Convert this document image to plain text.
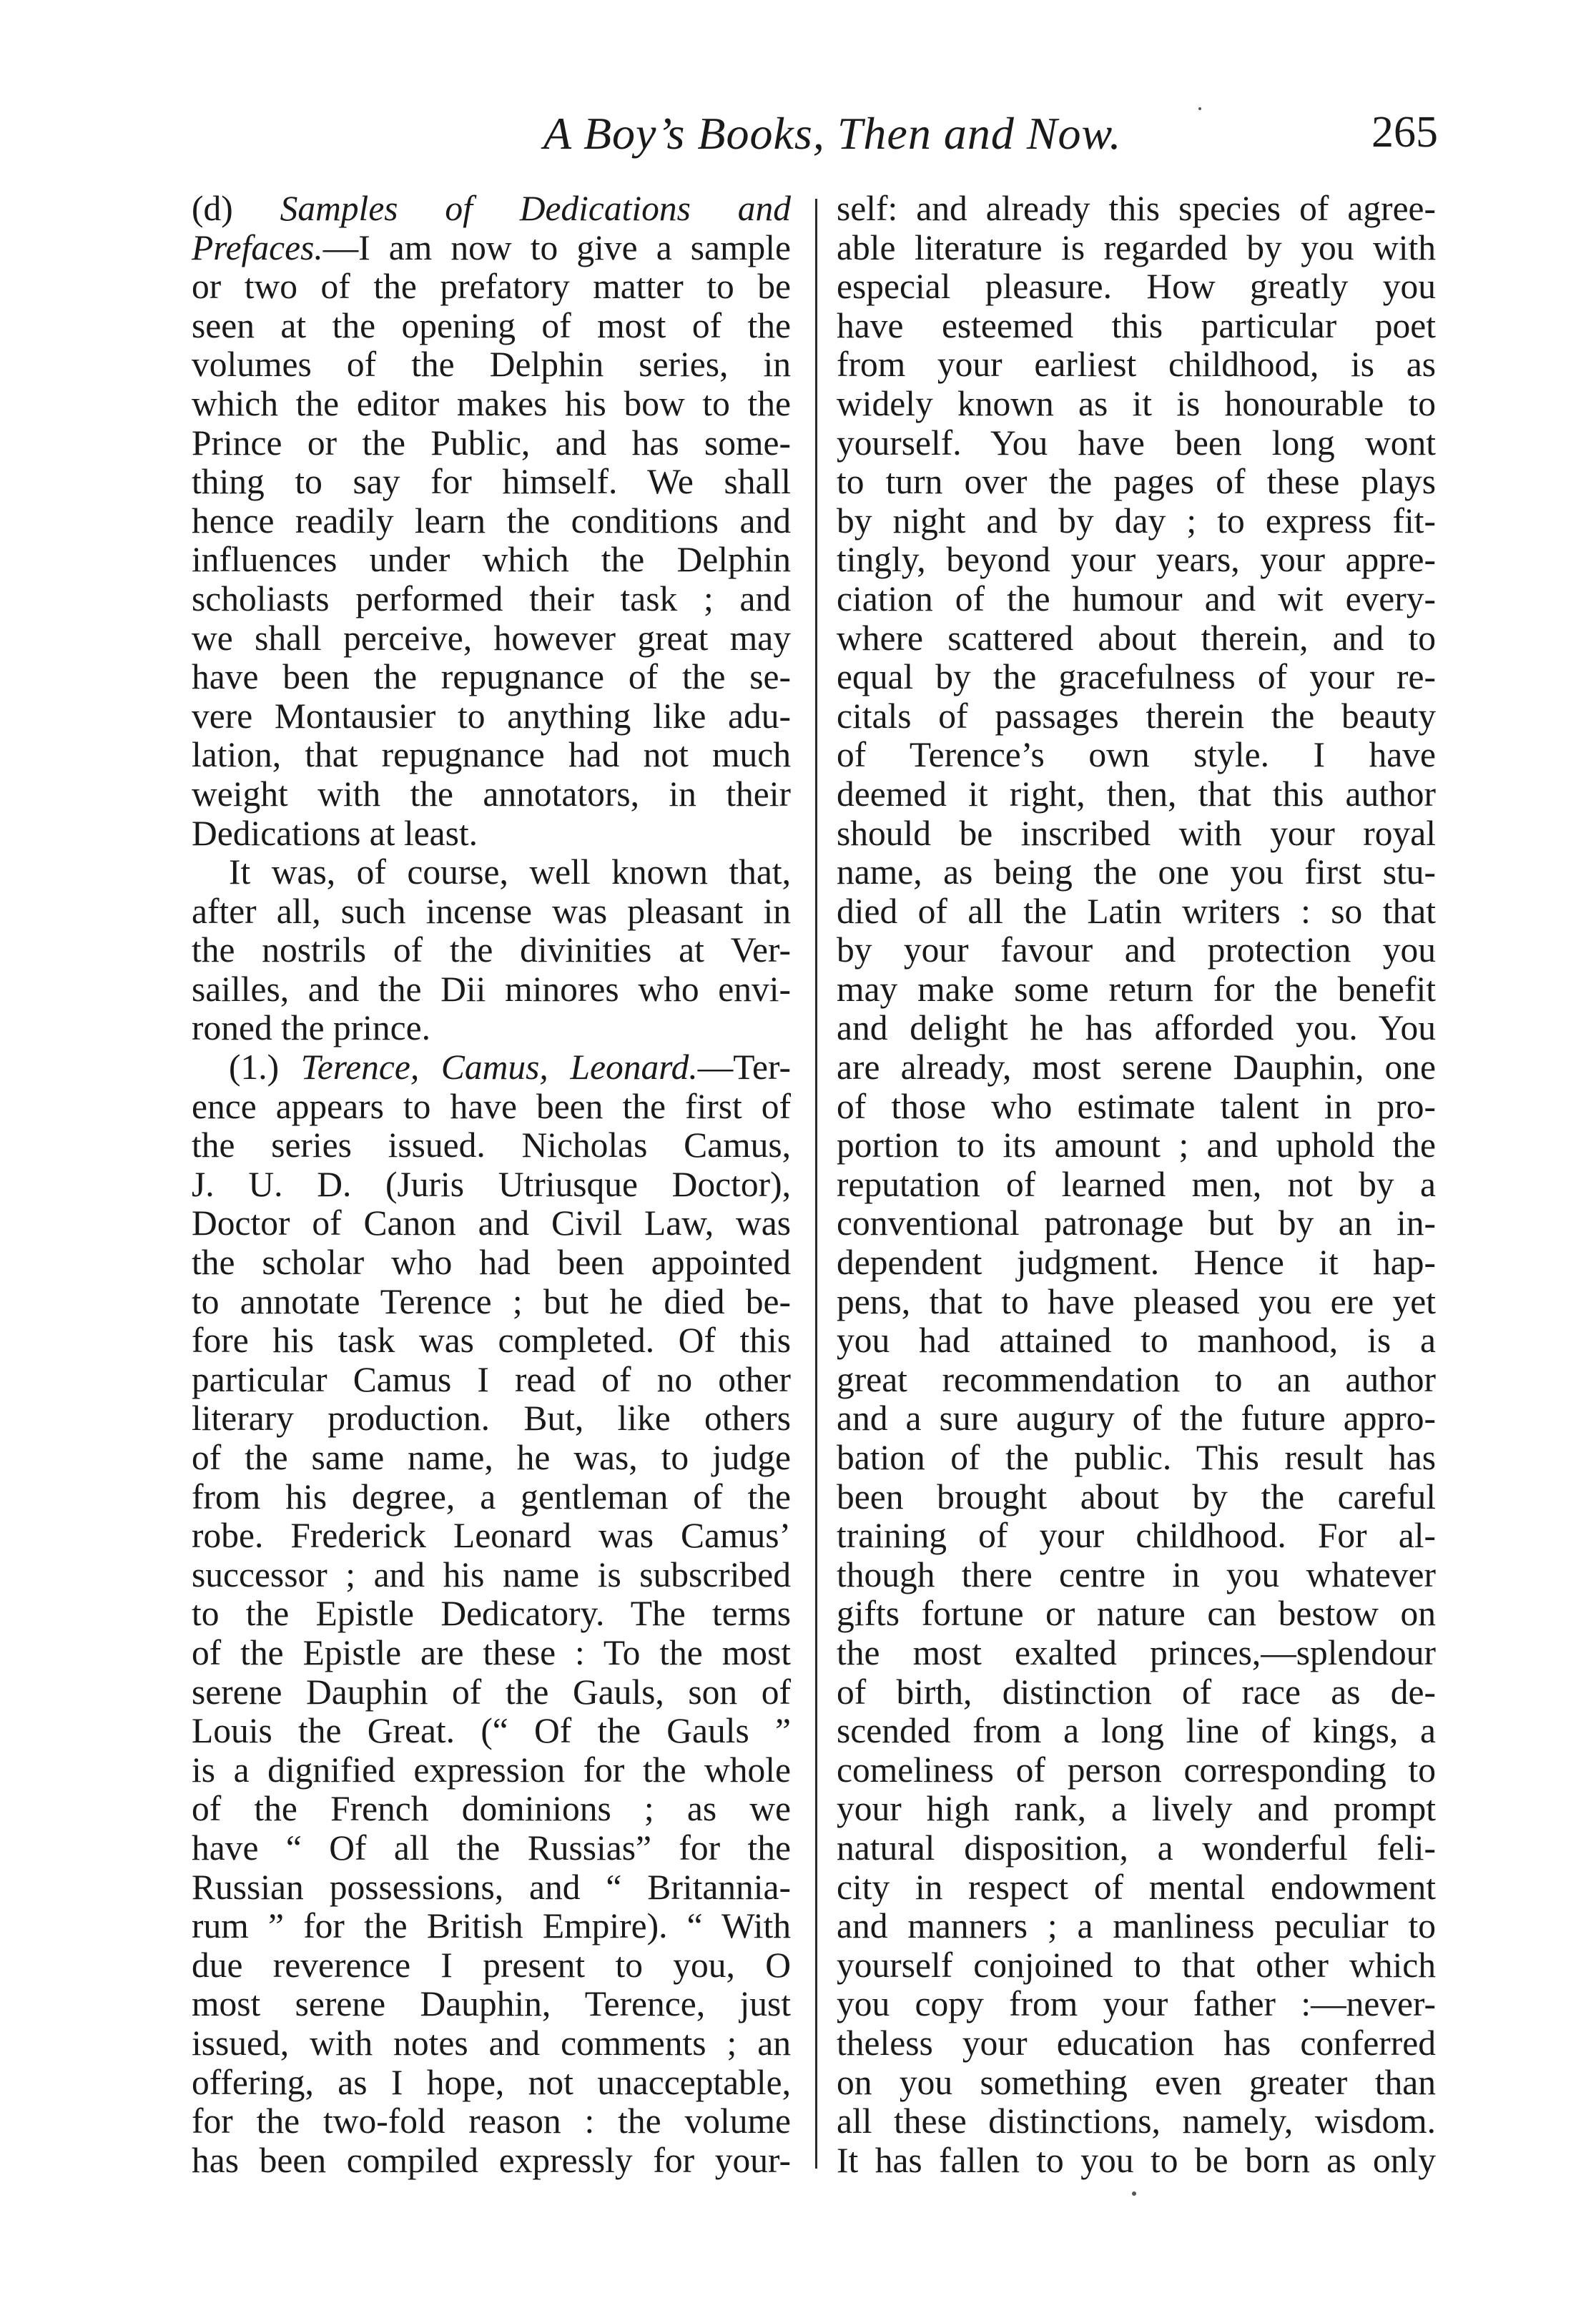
A Boy’s Books, Then and Now.	265
(d) Samples of Dedications and
Prefaces.—I am now to give a sample
or two of the prefatory matter to be
seen at the opening of most of the
volumes of the Delphin series, in
which the editor makes his bow to the
Prince or the Public, and has some-
thing to say for himself. We shall
hence readily learn the conditions and
influences under which the Delphin
scholiasts performed their task ; and
we shall perceive, however great may
have been the repugnance of the se-
vere Montausier to anything like adu-
lation, that repugnance had not much
weight with the annotators, in their
Dedications at least.
It was, of course, well known that,
after all, such incense was pleasant in
the nostrils of the divinities at Ver-
sailles, and the Dii minores who envi-
roned the prince.
(1.) Terence, Camus, Leonard.—Ter-
ence appears to have been the first of
the series issued. Nicholas Camus,
J. U. D. (Juris Utriusque Doctor),
Doctor of Canon and Civil Law, was
the scholar who had been appointed
to annotate Terence ; but he died be-
fore his task was completed. Of this
particular Camus I read of no other
literary production. But, like others
of the same name, he was, to judge
from his degree, a gentleman of the
robe. Frederick Leonard was Camus’
successor ; and his name is subscribed
to the Epistle Dedicatory. The terms
of the Epistle are these : To the most
serene Dauphin of the Gauls, son of
Louis the Great. (“ Of the Gauls ”
is a dignified expression for the whole
of the French dominions ; as we
have “ Of all the Russias” for the
Russian possessions, and “ Britannia-
rum ” for the British Empire). “ With
due reverence I present to you, O
most serene Dauphin, Terence, just
issued, with notes and comments ; an
offering, as I hope, not unacceptable,
for the two-fold reason : the volume
has been compiled expressly for your-
self: and already this species of agree-
able literature is regarded by you with
especial pleasure. How greatly you
have esteemed this particular poet
from your earliest childhood, is as
widely known as it is honourable to
yourself. You have been long wont
to turn over the pages of these plays
by night and by day ; to express fit-
tingly, beyond your years, your appre-
ciation of the humour and wit every-
where scattered about therein, and to
equal by the gracefulness of your re-
citals of passages therein the beauty
of Terence’s own style. I have
deemed it right, then, that this author
should be inscribed with your royal
name, as being the one you first stu-
died of all the Latin writers : so that
by your favour and protection you
may make some return for the benefit
and delight he has afforded you. You
are already, most serene Dauphin, one
of those who estimate talent in pro-
portion to its amount ; and uphold the
reputation of learned men, not by a
conventional patronage but by an in-
dependent judgment. Hence it hap-
pens, that to have pleased you ere yet
you had attained to manhood, is a
great recommendation to an author
and a sure augury of the future appro-
bation of the public. This result has
been brought about by the careful
training of your childhood. For al-
though there centre in you whatever
gifts fortune or nature can bestow on
the most exalted princes,—splendour
of birth, distinction of race as de-
scended from a long line of kings, a
comeliness of person corresponding to
your high rank, a lively and prompt
natural disposition, a wonderful feli-
city in respect of mental endowment
and manners ; a manliness peculiar to
yourself conjoined to that other which
you copy from your father :—never-
theless your education has conferred
on you something even greater than
all these distinctions, namely, wisdom.
It has fallen to you to be born as only
